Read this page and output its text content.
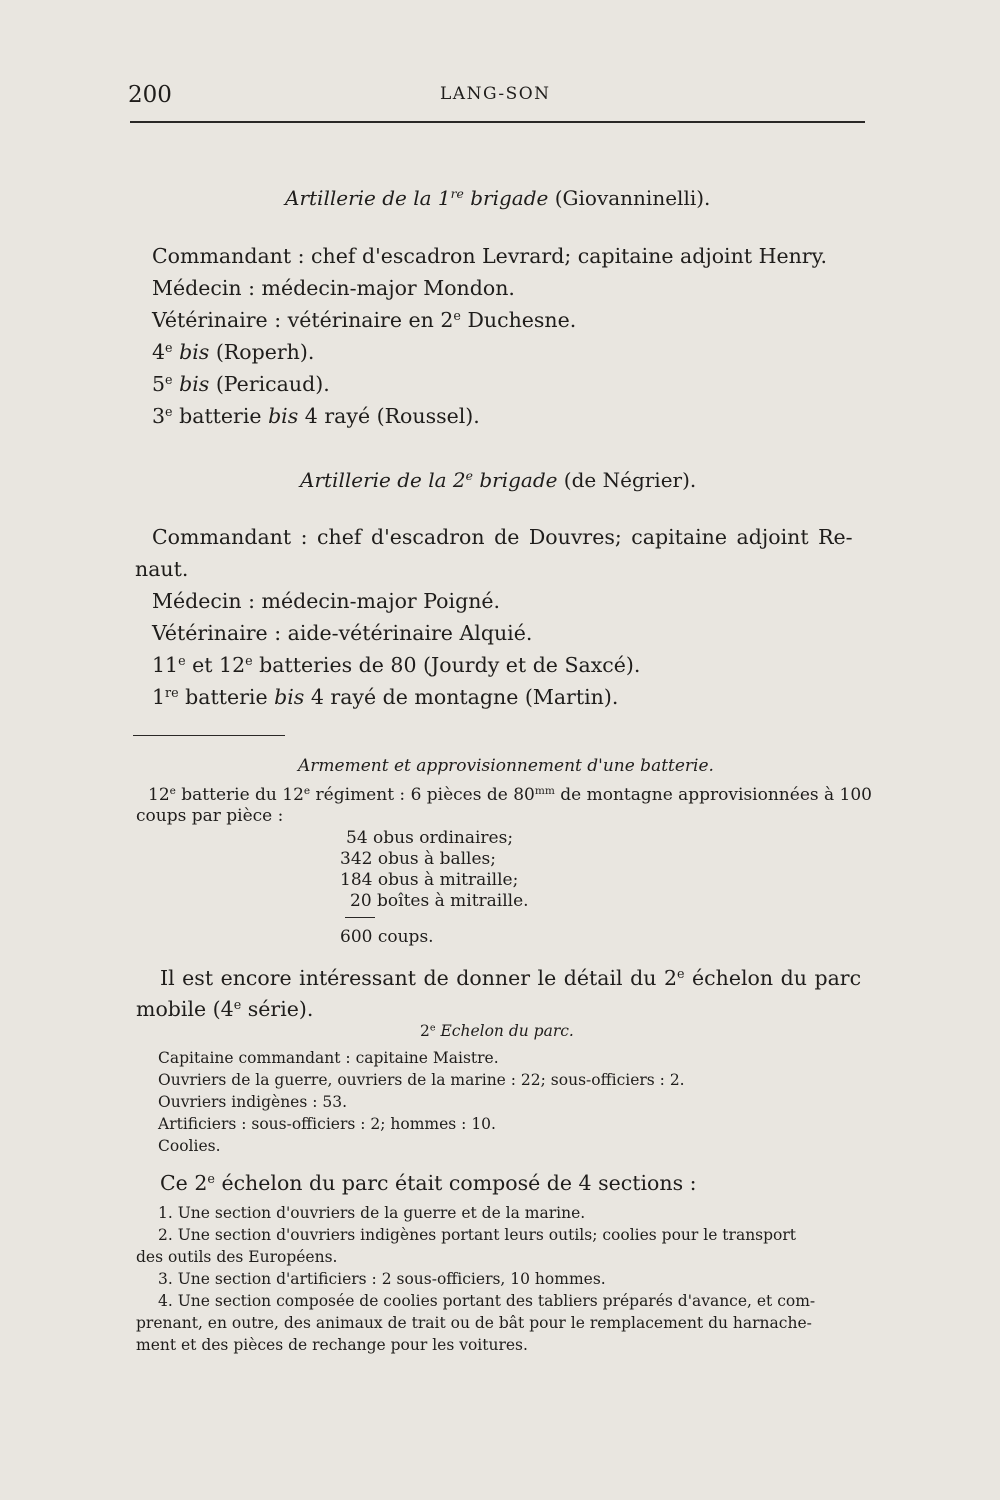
200	LANG-SON
Artillerie de la 1re brigade (Giovanninelli).
Commandant : chef d'escadron Levrard; capitaine adjoint Henry.
Médecin : médecin-major Mondon.
Vétérinaire : vétérinaire en 2e Duchesne.
4e bis (Roperh).
5e bis (Pericaud).
3e batterie bis 4 rayé (Roussel).
Artillerie de la 2e brigade (de Négrier).
Commandant : chef d'escadron de Douvres; capitaine adjoint Re-
naut.
Médecin : médecin-major Poigné.
Vétérinaire : aide-vétérinaire Alquié.
11e et 12e batteries de 80 (Jourdy et de Saxcé).
1re batterie bis 4 rayé de montagne (Martin).
Armement et approvisionnement d'une batterie.
12e batterie du 12e régiment : 6 pièces de $80^{mm}$ de montagne approvisionnées à 100
coups par pièce :
54 obus ordinaires;
342 obus à balles;
184 obus à mitraille;
20 boîtes à mitraille.
600 coups.
Il est encore intéressant de donner le détail du 2e échelon du parc
mobile (4e série).
2e Echelon du parc.
Capitaine commandant : capitaine Maistre.
Ouvriers de la guerre, ouvriers de la marine : 22; sous-officiers : 2.
Ouvriers indigènes : 53.
Artificiers : sous-officiers : 2; hommes : 10.
Coolies.
Ce 2e échelon du parc était composé de 4 sections :
1. Une section d'ouvriers de la guerre et de la marine.
2. Une section d'ouvriers indigènes portant leurs outils; coolies pour le transport
des outils des Européens.
3. Une section d'artificiers : 2 sous-officiers, 10 hommes.
4. Une section composée de coolies portant des tabliers préparés d'avance, et com-
prenant, en outre, des animaux de trait ou de bât pour le remplacement du harnache-
ment et des pièces de rechange pour les voitures.
